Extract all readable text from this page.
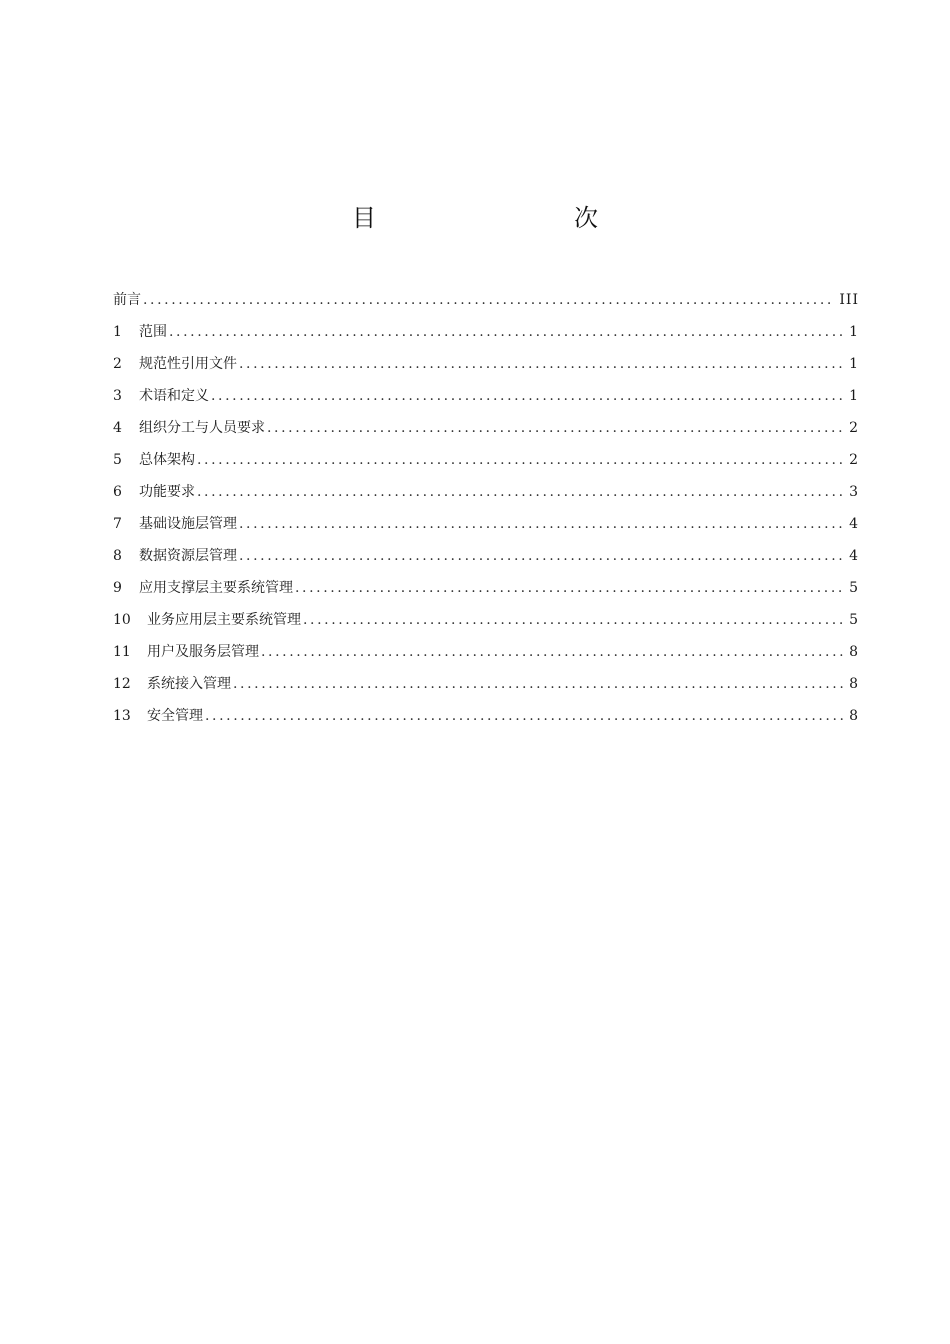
目　　次
前言 .....	III
1	范围 .....	1
2	规范性引用文件 .....	1
3	术语和定义 .....	1
4	组织分工与人员要求 .....	2
5	总体架构 .....	2
6	功能要求 .....	3
7	基础设施层管理 .....	4
8	数据资源层管理 .....	4
9	应用支撑层主要系统管理 .....	5
10	业务应用层主要系统管理 .....	5
11	用户及服务层管理 .....	8
12	系统接入管理 .....	8
13	安全管理 .....	8
